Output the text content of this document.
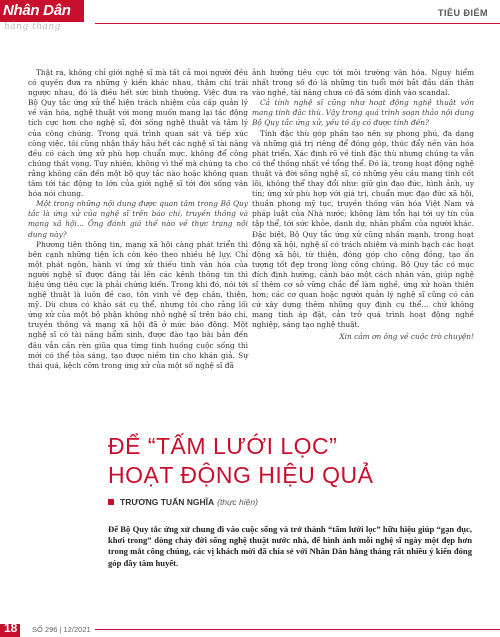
Nhân Dân
hằng tháng
TIÊU ĐIỂM

Thật ra, không chỉ giới nghệ sĩ mà tất cả mọi người đều có quyền đưa ra những ý kiến khác nhau, thậm chí trái ngược nhau, đó là điều hết sức bình thường. Việc đưa ra Bộ Quy tắc ứng xử thể hiện trách nhiệm của cấp quản lý về văn hóa, nghệ thuật với mong muốn mang lại tác động tích cực hơn cho nghệ sĩ, đời sống nghệ thuật và tâm lý của công chúng. Trong quá trình quan sát và tiếp xúc công việc, tôi cũng nhận thấy hầu hết các nghệ sĩ tài năng đều có cách ứng xử phù hợp chuẩn mực, không để công chúng thất vọng. Tuy nhiên, không vì thế mà chúng ta cho rằng không cần đến một bộ quy tắc nào hoặc không quan tâm tới tác động to lớn của giới nghệ sĩ tới đời sống văn hóa nói chung.

Một trong những nội dung được quan tâm trong Bộ Quy tắc là ứng xử của nghệ sĩ trên báo chí, truyền thông và mạng xã hội... Ông đánh giá thế nào về thực trạng nội dung này?

Phương tiện thông tin, mạng xã hội càng phát triển thì bên cạnh những tiện ích còn kéo theo nhiều hệ lụy. Chỉ một phát ngôn, hành vi ứng xử thiếu tinh văn hóa của người nghệ sĩ được đăng tải lên các kênh thông tin thì hiệu ứng tiêu cực là phải chứng kiến. Trong khi đó, nói tới nghệ thuật là luôn đề cao, tôn vinh vẻ đẹp chân, thiện, mỹ. Dù chưa có khảo sát cụ thể, nhưng tôi cho rằng lối ứng xử của một bộ phận không nhỏ nghệ sĩ trên báo chí, truyền thông và mạng xã hội đã ở mức báo động. Một nghệ sĩ có tài năng bẩm sinh, được đào tạo bài bản đến đâu vẫn cần rèn giũa qua từng tình huống cuộc sống thì mới có thể tỏa sáng, tạo được niềm tin cho khán giả. Sự thái quá, kệch cỡm trong ứng xử của một số nghệ sĩ đã

ảnh hưởng tiêu cực tới môi trường văn hóa. Nguy hiểm nhất trong số đó là những tin tuổi mới bắt đầu dấn thân vào nghề, tài năng chưa có đã sớm dính vào scandal.

Cả tính nghệ sĩ cũng như hoạt động nghệ thuật vốn mang tính đặc thù. Vậy trong quá trình soạn thảo nội dung Bộ Quy tắc ứng xử, yếu tố ấy có được tính đến?

Tính đặc thù góp phần tạo nên sự phong phú, đa dạng và những giá trị riêng để đóng góp, thúc đẩy nền văn hóa phát triển. Xác định rõ về tính đặc thù nhưng chúng ta vẫn có thể thống nhất về tổng thể. Đó là, trong hoạt động nghệ thuật và đời sống nghệ sĩ, có những yêu cầu mang tính cốt lõi, không thể thay đổi như: giữ gìn đạo đức, hình ảnh, uy tín; ứng xử phù hợp với giá trị, chuẩn mực đạo đức xã hội, thuần phong mỹ tục, truyền thống văn hóa Việt Nam và pháp luật của Nhà nước; không làm tổn hại tới uy tín của tập thể, tới sức khỏe, danh dự, nhân phẩm của người khác. Đặc biệt, Bộ Quy tắc ứng xử cũng nhấn mạnh, trong hoạt động xã hội, nghệ sĩ có trách nhiệm và minh bạch các hoạt động xã hội, từ thiện, đóng góp cho cộng đồng, tạo ấn tượng tốt đẹp trong lòng công chúng. Bộ Quy tắc có mục đích định hướng, cảnh báo một cách nhân văn, giúp nghệ sĩ thêm cơ sở vững chắc để làm nghề, ứng xử hoàn thiện hơn; các cơ quan hoặc người quản lý nghệ sĩ cũng có căn cứ xây dựng thêm những quy định cụ thể... chứ không mang tính áp đặt, cản trở quá trình hoạt động nghề nghiệp, sáng tạo nghệ thuật.

Xin cảm ơn ông về cuộc trò chuyện!

ĐỂ “TẤM LƯỚI LỌC”
HOẠT ĐỘNG HIỆU QUẢ
TRƯƠNG TUẤN NGHĨA (thực hiện)
Để Bộ Quy tắc ứng xử chung đi vào cuộc sống và trở thành “tấm lưới lọc” hữu hiệu giúp “gạn đục, khơi trong” dòng chảy đời sống nghệ thuật nước nhà, để hình ảnh mỗi nghệ sĩ ngày một đẹp hơn trong mắt công chúng, các vị khách mời đã chia sẻ với Nhân Dân hằng tháng rất nhiều ý kiến đóng góp đầy tâm huyết.
18 SỐ 296 | 12/2021
